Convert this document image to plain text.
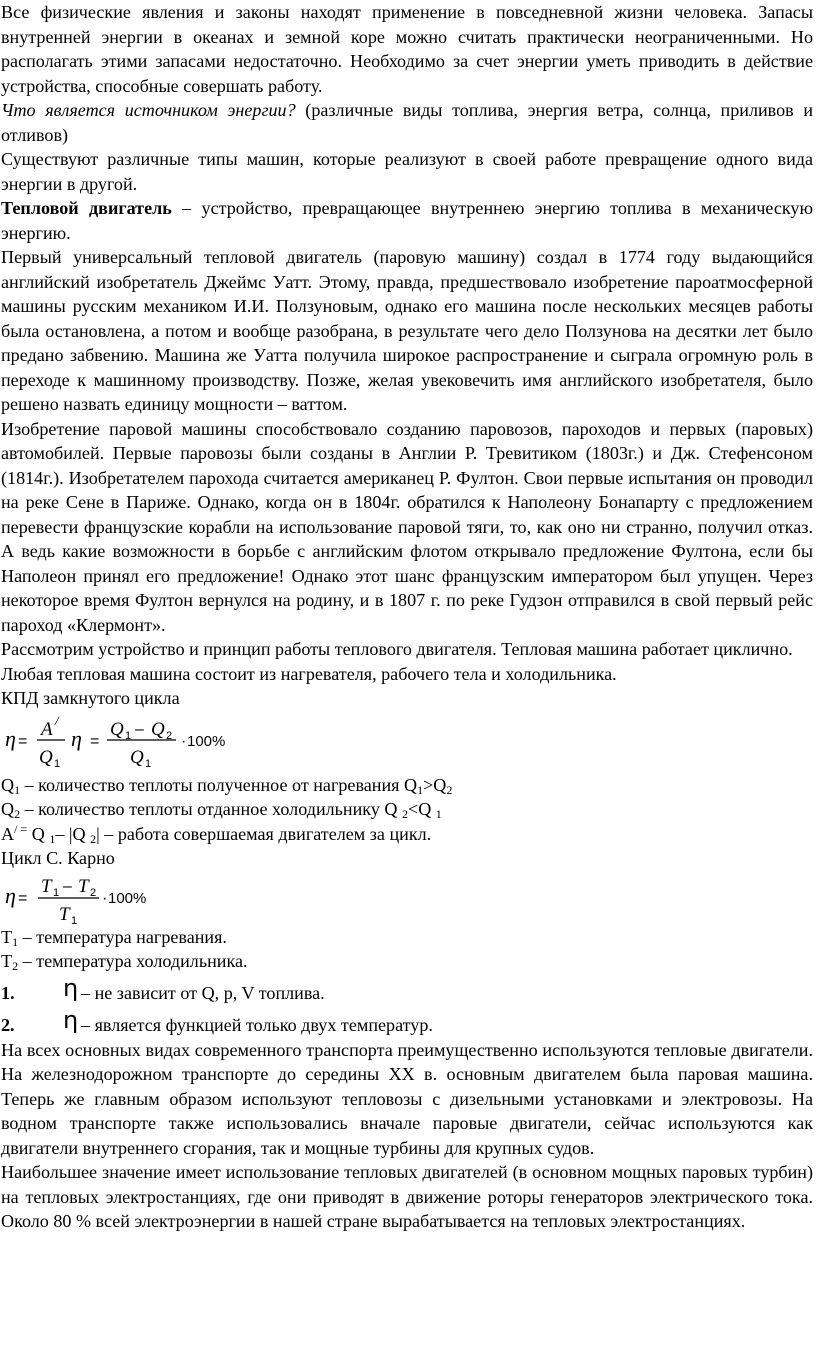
Все физические явления и законы находят применение в повседневной жизни человека. Запасы внутренней энергии в океанах и земной коре можно считать практически неограниченными. Но располагать этими запасами недостаточно. Необходимо за счет энергии уметь приводить в действие устройства, способные совершать работу.

Что является источником энергии? (различные виды топлива, энергия ветра, солнца, приливов и отливов)

Существуют различные типы машин, которые реализуют в своей работе превращение одного вида энергии в другой.

Тепловой двигатель – устройство, превращающее внутреннею энергию топлива в механическую энергию.

Первый универсальный тепловой двигатель (паровую машину) создал в 1774 году выдающийся английский изобретатель Джеймс Уатт. Этому, правда, предшествовало изобретение пароатмосферной машины русским механиком И.И. Ползуновым, однако его машина после нескольких месяцев работы была остановлена, а потом и вообще разобрана, в результате чего дело Ползунова на десятки лет было предано забвению. Машина же Уатта получила широкое распространение и сыграла огромную роль в переходе к машинному производству. Позже, желая увековечить имя английского изобретателя, было решено назвать единицу мощности – ваттом.

Изобретение паровой машины способствовало созданию паровозов, пароходов и первых (паровых) автомобилей. Первые паровозы были созданы в Англии Р. Тревитиком (1803г.) и Дж. Стефенсоном (1814г.). Изобретателем парохода считается американец Р. Фултон. Свои первые испытания он проводил на реке Сене в Париже. Однако, когда он в 1804г. обратился к Наполеону Бонапарту с предложением перевести французские корабли на использование паровой тяги, то, как оно ни странно, получил отказ. А ведь какие возможности в борьбе с английским флотом открывало предложение Фултона, если бы Наполеон принял его предложение! Однако этот шанс французским императором был упущен. Через некоторое время Фултон вернулся на родину, и в 1807 г. по реке Гудзон отправился в свой первый рейс пароход «Клермонт».

Рассмотрим устройство и принцип работы теплового двигателя. Тепловая машина работает циклично.

Любая тепловая машина состоит из нагревателя, рабочего тела и холодильника.

КПД замкнутого цикла

η =
A /
Q 1
η =
Q 1 – Q 2
Q 1
· 100%

$Q_1$ – количество теплоты полученное от нагревания $Q_1>Q_2$

$Q_2$ – количество теплоты отданное холодильнику Q $_2$<Q $_1$

A/ = Q $_1$– |Q $_2$| – работа совершаемая двигателем за цикл.

Цикл С. Карно

η =
T 1 – T 2
T 1
· 100%

$T_1$ – температура нагревания.

$T_2$ – температура холодильника.

1.	η – не зависит от Q, p, V топлива.
2.	η – является функцией только двух температур.

На всех основных видах современного транспорта преимущественно используются тепловые двигатели. На железнодорожном транспорте до середины XX в. основным двигателем была паровая машина. Теперь же главным образом используют тепловозы с дизельными установками и электровозы. На водном транспорте также использовались вначале паровые двигатели, сейчас используются как двигатели внутреннего сгорания, так и мощные турбины для крупных судов.

Наибольшее значение имеет использование тепловых двигателей (в основном мощных паровых турбин) на тепловых электростанциях, где они приводят в движение роторы генераторов электрического тока. Около 80 % всей электроэнергии в нашей стране вырабатывается на тепловых электростанциях.
